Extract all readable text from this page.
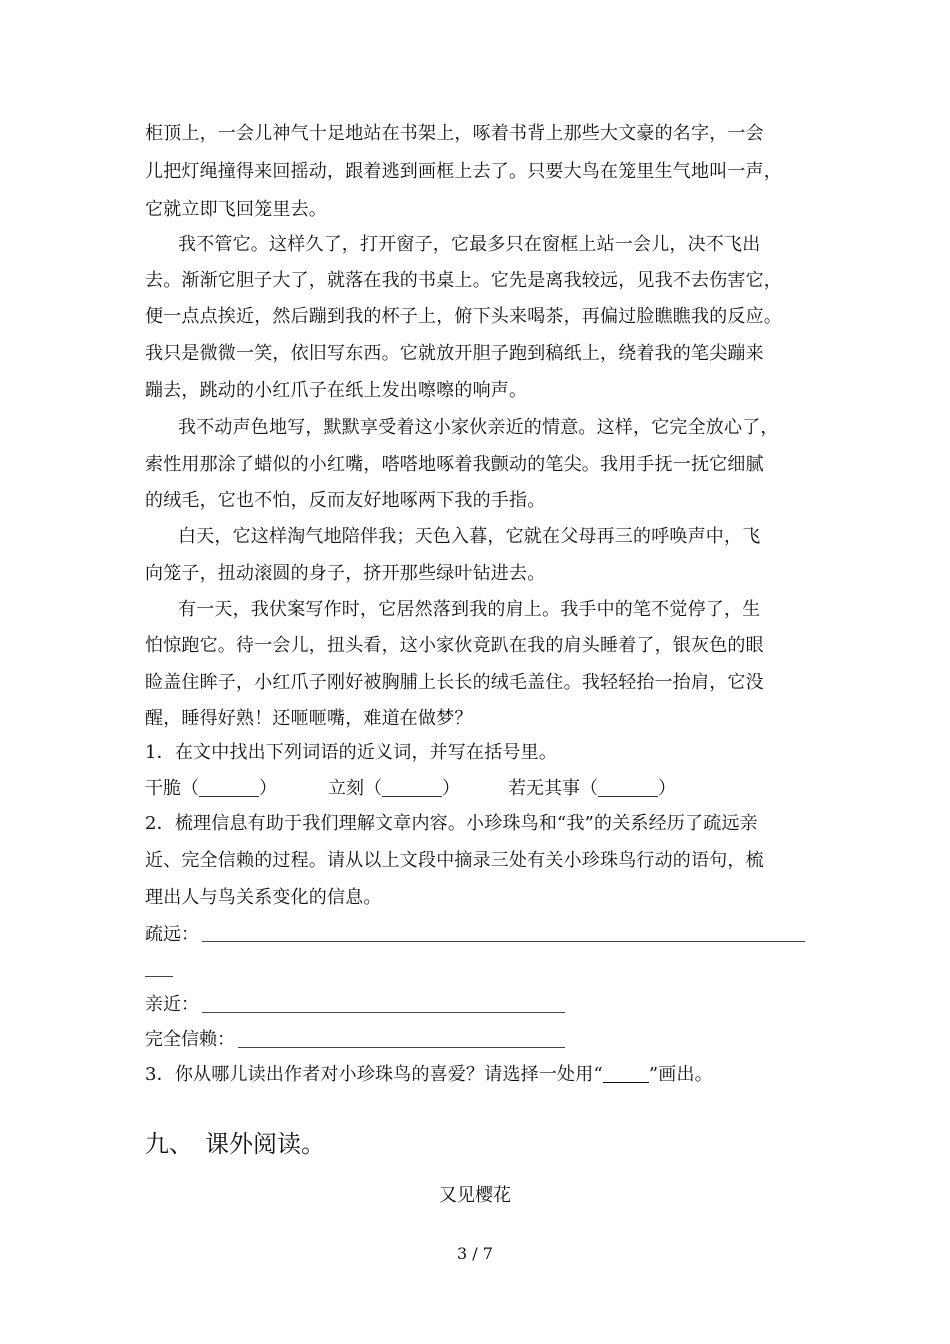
柜顶上，一会儿神气十足地站在书架上，啄着书背上那些大文豪的名字，一会
儿把灯绳撞得来回摇动，跟着逃到画框上去了。只要大鸟在笼里生气地叫一声，
它就立即飞回笼里去。
我不管它。这样久了，打开窗子，它最多只在窗框上站一会儿，决不飞出
去。渐渐它胆子大了，就落在我的书桌上。它先是离我较远，见我不去伤害它，
便一点点挨近，然后蹦到我的杯子上，俯下头来喝茶，再偏过脸瞧瞧我的反应。
我只是微微一笑，依旧写东西。它就放开胆子跑到稿纸上，绕着我的笔尖蹦来
蹦去，跳动的小红爪子在纸上发出嚓嚓的响声。
我不动声色地写，默默享受着这小家伙亲近的情意。这样，它完全放心了，
索性用那涂了蜡似的小红嘴，嗒嗒地啄着我颤动的笔尖。我用手抚一抚它细腻
的绒毛，它也不怕，反而友好地啄两下我的手指。
白天，它这样淘气地陪伴我；天色入暮，它就在父母再三的呼唤声中，飞
向笼子，扭动滚圆的身子，挤开那些绿叶钻进去。
有一天，我伏案写作时，它居然落到我的肩上。我手中的笔不觉停了，生
怕惊跑它。待一会儿，扭头看，这小家伙竟趴在我的肩头睡着了，银灰色的眼
睑盖住眸子，小红爪子刚好被胸脯上长长的绒毛盖住。我轻轻抬一抬肩，它没
醒，睡得好熟！还咂咂嘴，难道在做梦？
1．在文中找出下列词语的近义词，并写在括号里。
干脆（	）	立刻（	）	若无其事（	）
2．梳理信息有助于我们理解文章内容。小珍珠鸟和“我”的关系经历了疏远亲
近、完全信赖的过程。请从以上文段中摘录三处有关小珍珠鸟行动的语句，梳
理出人与鸟关系变化的信息。
疏远：
亲近：
完全信赖：
3．你从哪儿读出作者对小珍珠鸟的喜爱？请选择一处用“	”画出。
九、　课外阅读。
又见樱花
3 / 7
